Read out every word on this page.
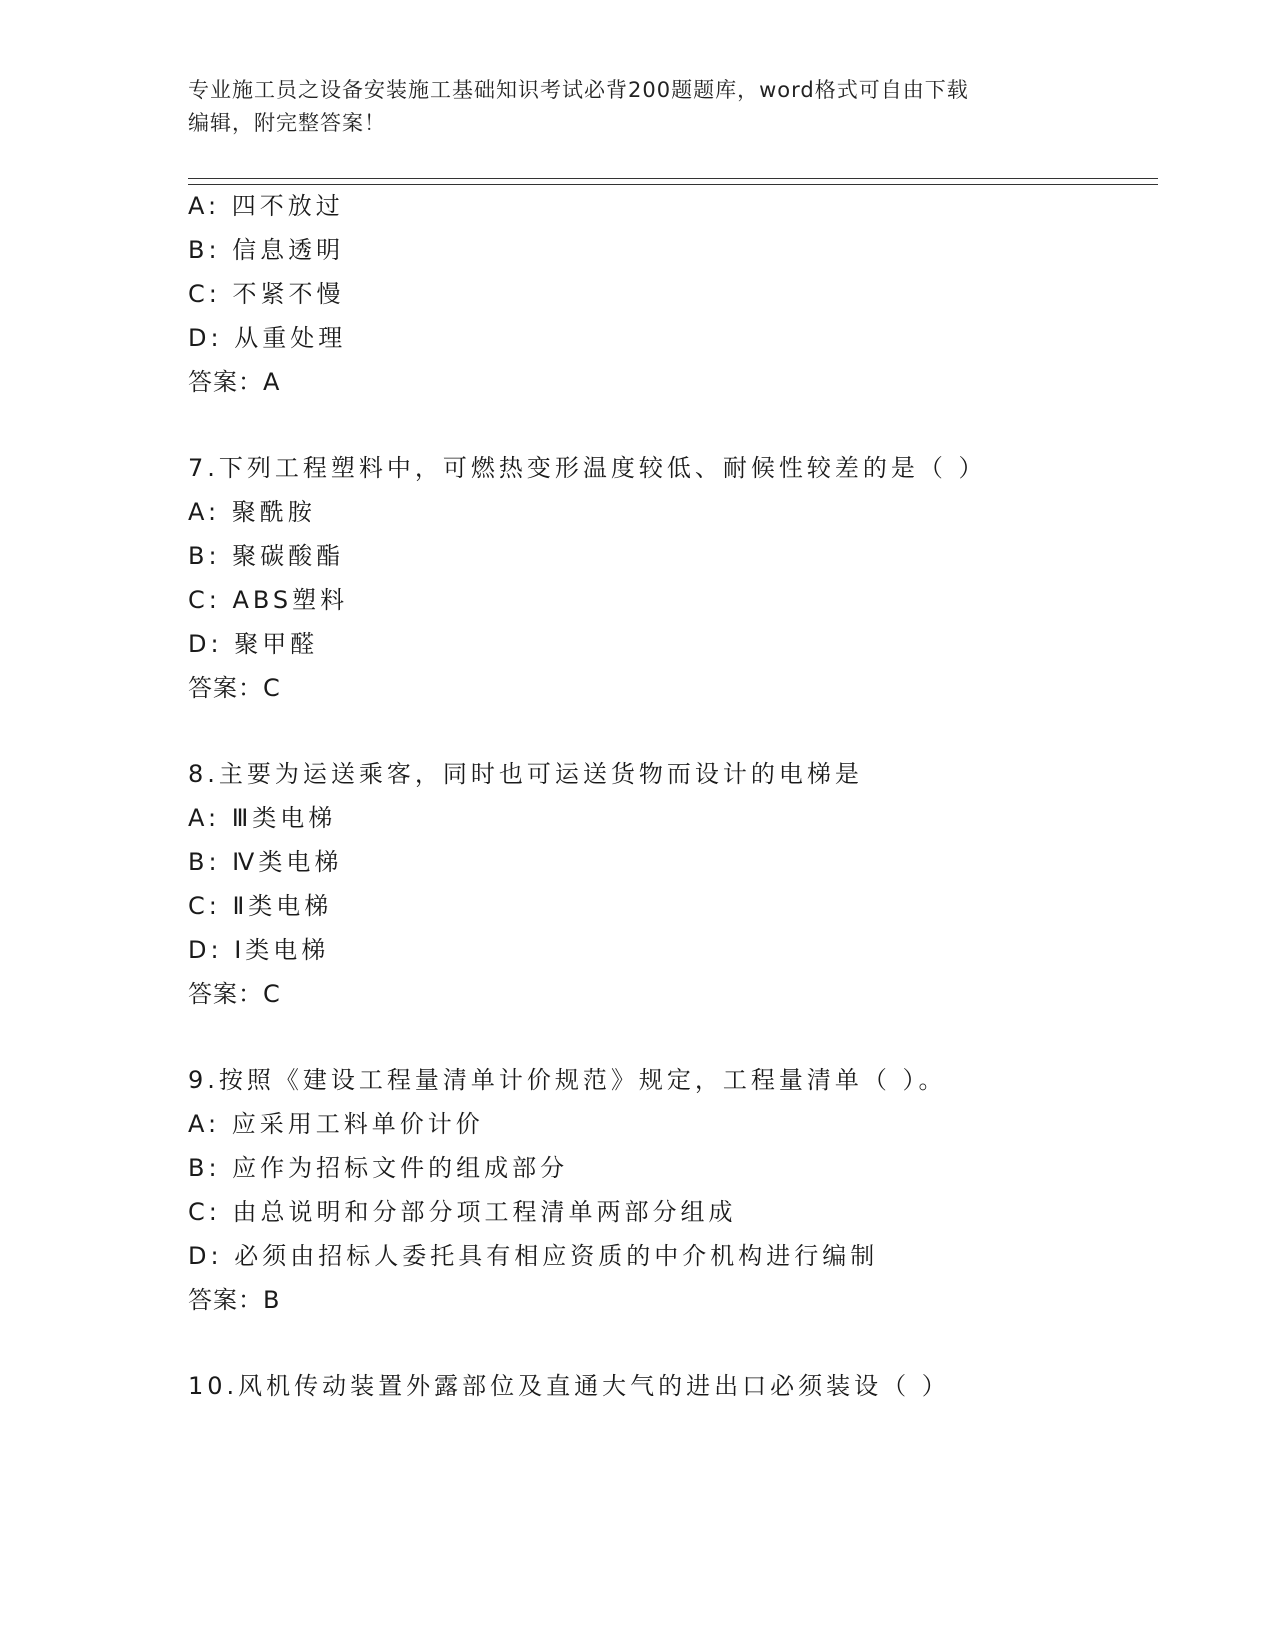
专业施工员之设备安装施工基础知识考试必背200题题库，word格式可自由下载
编辑，附完整答案！
A: 四不放过
B: 信息透明
C: 不紧不慢
D: 从重处理
答案：A
7.下列工程塑料中，可燃热变形温度较低、耐候性较差的是（ ）
A: 聚酰胺
B: 聚碳酸酯
C: ABS塑料
D: 聚甲醛
答案：C
8.主要为运送乘客，同时也可运送货物而设计的电梯是
A: Ⅲ类电梯
B: Ⅳ类电梯
C: Ⅱ类电梯
D: Ⅰ类电梯
答案：C
9.按照《建设工程量清单计价规范》规定，工程量清单（ ）。
A: 应采用工料单价计价
B: 应作为招标文件的组成部分
C: 由总说明和分部分项工程清单两部分组成
D: 必须由招标人委托具有相应资质的中介机构进行编制
答案：B
10.风机传动装置外露部位及直通大气的进出口必须装设（ ）
